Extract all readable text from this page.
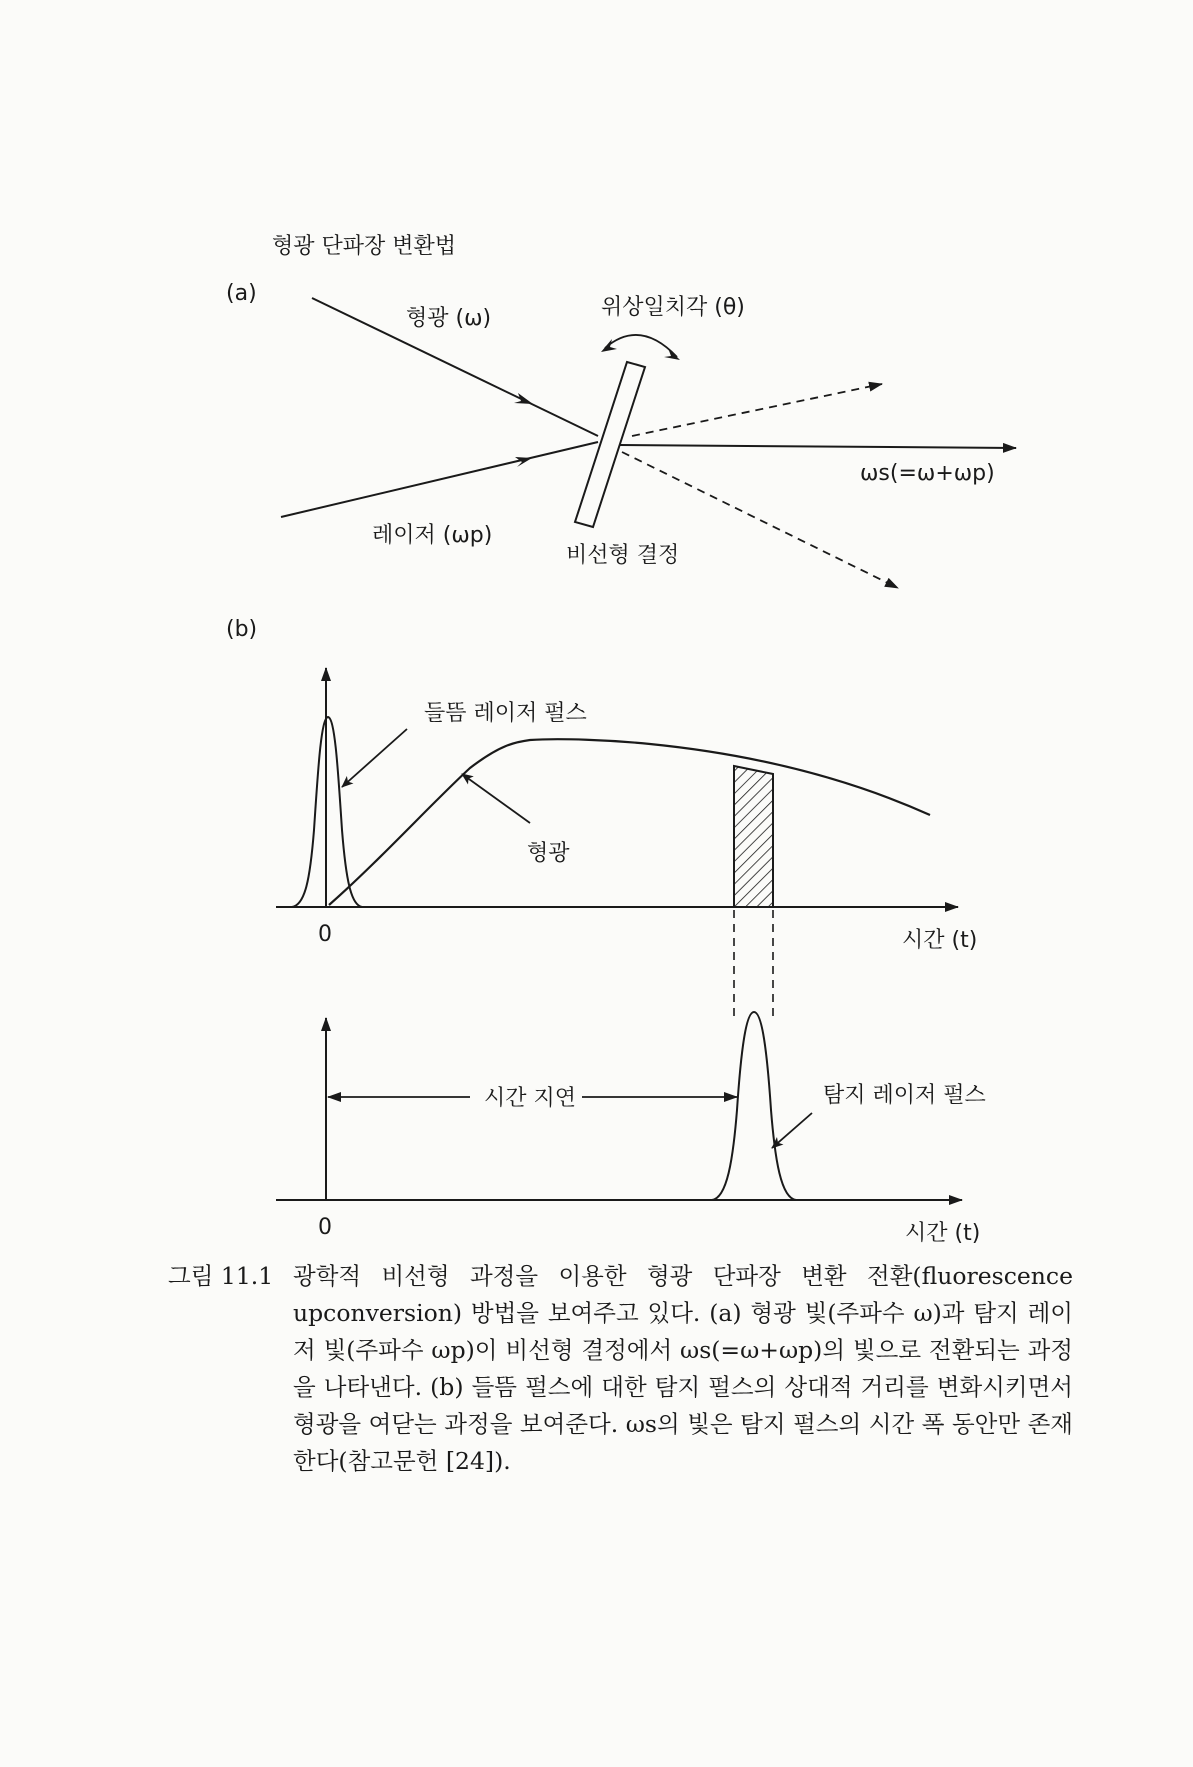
형광 단파장 변환법
(a)
형광 (ω)
레이저 (ωp)
위상일치각 (θ)
비선형 결정
ωs(=ω+ωp)
(b)
0	시간 (t)
들뜸 레이저 펄스
형광
0	시간 (t)
시간 지연	탐지 레이저 펄스
그림 11.1 광학적 비선형 과정을 이용한 형광 단파장 변환 전환(fluorescence upconversion) 방법을 보여주고 있다. (a) 형광 빛(주파수 ω)과 탐지 레이저 빛(주파수 ωp)이 비선형 결정에서 ωs(=ω+ωp)의 빛으로 전환되는 과정을 나타낸다. (b) 들뜸 펄스에 대한 탐지 펄스의 상대적 거리를 변화시키면서 형광을 여닫는 과정을 보여준다. ωs의 빛은 탐지 펄스의 시간 폭 동안만 존재한다(참고문헌 [24]).
